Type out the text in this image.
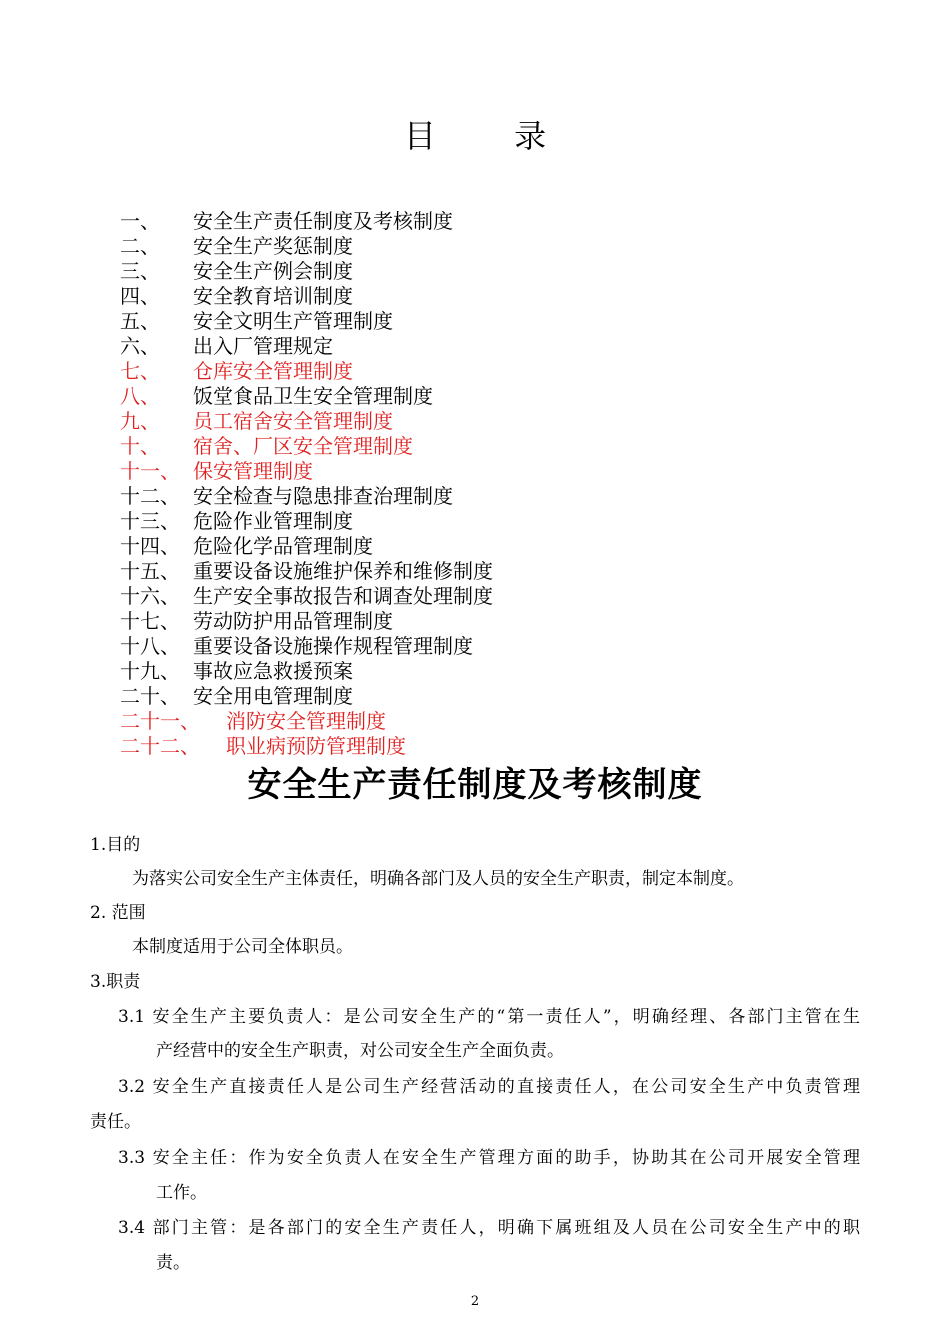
目 录
一、 安全生产责任制度及考核制度
二、 安全生产奖惩制度
三、 安全生产例会制度
四、 安全教育培训制度
五、 安全文明生产管理制度
六、 出入厂管理规定
七、 仓库安全管理制度
八、 饭堂食品卫生安全管理制度
九、 员工宿舍安全管理制度
十、 宿舍、厂区安全管理制度
十一、 保安管理制度
十二、 安全检查与隐患排查治理制度
十三、 危险作业管理制度
十四、 危险化学品管理制度
十五、 重要设备设施维护保养和维修制度
十六、 生产安全事故报告和调查处理制度
十七、 劳动防护用品管理制度
十八、 重要设备设施操作规程管理制度
十九、 事故应急救援预案
二十、 安全用电管理制度
二十一、 消防安全管理制度
二十二、 职业病预防管理制度
安全生产责任制度及考核制度
1.目的
为落实公司安全生产主体责任，明确各部门及人员的安全生产职责，制定本制度。
2. 范围
本制度适用于公司全体职员。
3.职责
3.1 安全生产主要负责人：是公司安全生产的“第一责任人”，明确经理、各部门主管在生
产经营中的安全生产职责，对公司安全生产全面负责。
3.2 安全生产直接责任人是公司生产经营活动的直接责任人，在公司安全生产中负责管理
责任。
3.3 安全主任：作为安全负责人在安全生产管理方面的助手，协助其在公司开展安全管理
工作。
3.4 部门主管：是各部门的安全生产责任人，明确下属班组及人员在公司安全生产中的职
责。
2
